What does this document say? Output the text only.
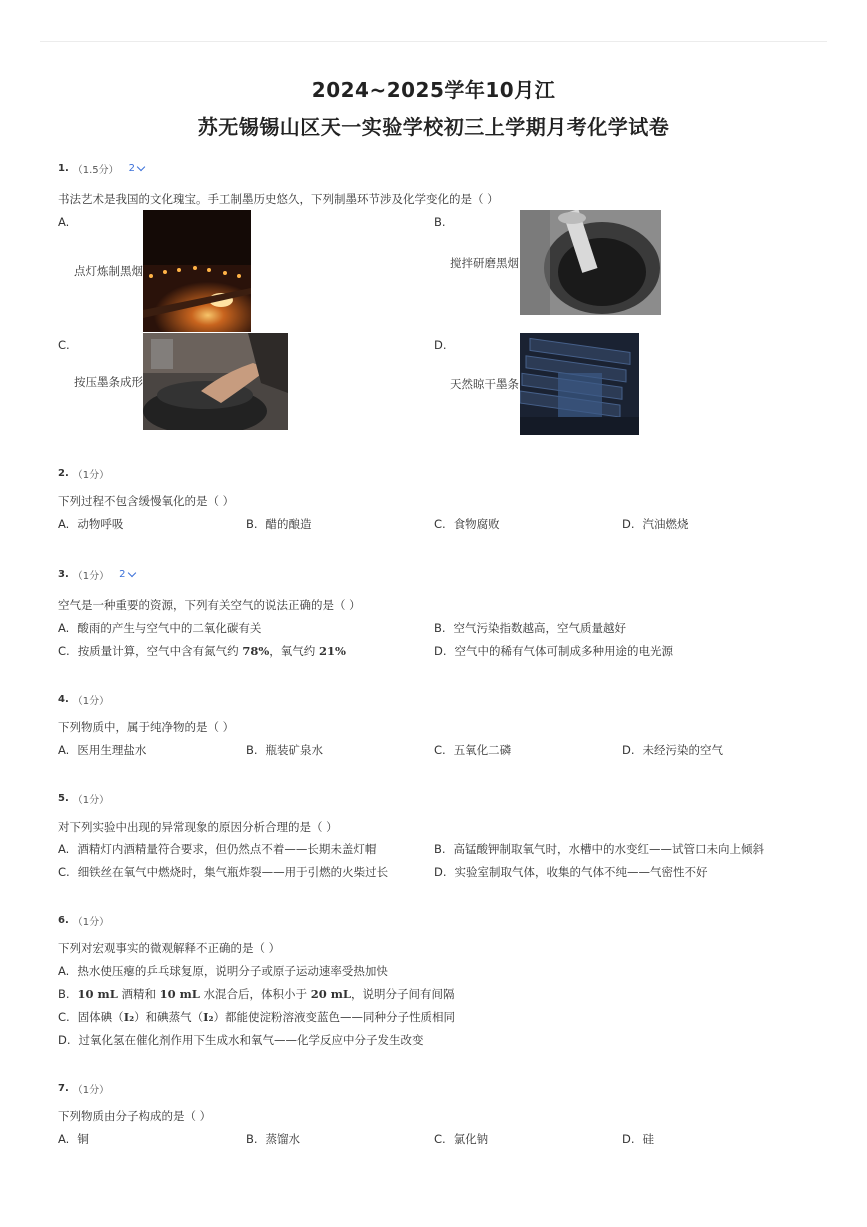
2024~2025学年10月江
苏无锡锡山区天一实验学校初三上学期月考化学试卷
1. （1.5分） 2
书法艺术是我国的文化瑰宝。手工制墨历史悠久，下列制墨环节涉及化学变化的是（ ）
A.
点灯炼制黑烟
B.
搅拌研磨黑烟
C.
按压墨条成形
D.
天然晾干墨条
2. （1分）
下列过程不包含缓慢氧化的是（ ）
A. 动物呼吸	B. 醋的酿造	C. 食物腐败	D. 汽油燃烧
3. （1分） 2
空气是一种重要的资源，下列有关空气的说法正确的是（ ）
A. 酸雨的产生与空气中的二氧化碳有关	B. 空气污染指数越高，空气质量越好
C. 按质量计算，空气中含有氮气约 78%，氧气约 21%	D. 空气中的稀有气体可制成多种用途的电光源
4. （1分）
下列物质中，属于纯净物的是（ ）
A. 医用生理盐水	B. 瓶装矿泉水	C. 五氧化二磷	D. 未经污染的空气
5. （1分）
对下列实验中出现的异常现象的原因分析合理的是（ ）
A. 酒精灯内酒精量符合要求，但仍然点不着——长期未盖灯帽	B. 高锰酸钾制取氧气时，水槽中的水变红——试管口未向上倾斜
C. 细铁丝在氧气中燃烧时，集气瓶炸裂——用于引燃的火柴过长	D. 实验室制取气体，收集的气体不纯——气密性不好
6. （1分）
下列对宏观事实的微观解释不正确的是（ ）
A. 热水使压瘪的乒乓球复原，说明分子或原子运动速率受热加快
B. 10 mL 酒精和 10 mL 水混合后，体积小于 20 mL，说明分子间有间隔
C. 固体碘（I₂）和碘蒸气（I₂）都能使淀粉溶液变蓝色——同种分子性质相同
D. 过氧化氢在催化剂作用下生成水和氧气——化学反应中分子发生改变
7. （1分）
下列物质由分子构成的是（ ）
A. 铜	B. 蒸馏水	C. 氯化钠	D. 硅
